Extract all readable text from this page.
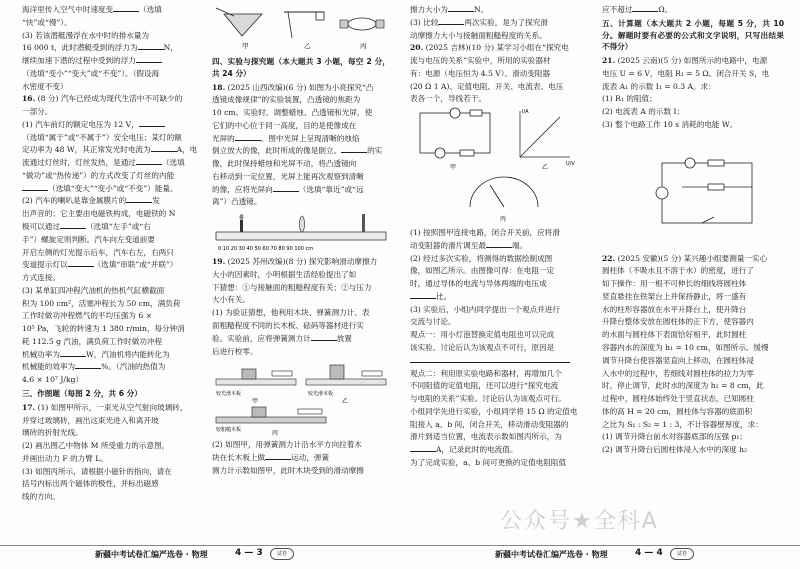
海洋里传入空气中时速度变	（选填

“快”或“慢”）。

(3) 若该潜艇漫浮在水中时的排水量为

16 000 t，此时潜艇受到的浮力为	N，

继续加速下潜的过程中受到的浮力

（选填“变小”“变大”或“不变”）。（假设海

水密度不变）

16. (8 分) 汽车已经成为现代生活中不可缺少的

一部分。

(1) 汽车前灯的额定电压为 12 V，

（选填“属于”或“不属于”）安全电压；某灯的额

定功率为 48 W，其正常发光时电流为	A，电

流通过灯丝时，灯丝发热，是通过	（选填

“做功”或“热传递”）的方式改变了灯丝的内能

（选填“变大”“变小”或“不变”）能量。

(2) 汽车的喇叭是靠金属膜片的	发

出声音的；它主要由电磁铁构成，电磁铁的 N

极可以通过	（选填“左手”或“右

手”）螺旋定则判断。汽车向左变道前要

开启左侧的灯光提示后车，汽车右左，右两只

变道提示灯以	（选填“串联”或“并联”）

方式连接。

(3) 某单缸四冲程汽油机的热机气缸横截面

积为 100 cm²，活塞冲程长为 50 cm，满负荷

工作时做功冲程燃气的平均压强为 6 ×

10⁵ Pa，飞轮的转速为 1 380 r/min，每分钟消

耗 112.5 g 汽油，满负荷工作时做功冲程

机械功率为	W，汽油机将内能转化为

机械能的效率为	%。（汽油的热值为

4.6 × 10⁷ J/kg）

三、作图题（每图 2 分，共 6 分）

17. (1) 如图甲所示，一束光从空气射向玻璃砖，

并穿过玻璃砖，画出这束光进入和离开玻

璃砖的折射光线。

(2) 画出图乙中物体 M 所受重力的示意图，

并画出动力 F 的力臂 L。

(3) 如图丙所示，请根据小磁针的指向，请在

括号内标出两个磁体的极性，并标出磁感

线的方向。

甲	乙	丙

四、实验与探究题（本大题共 3 小题，每空 2 分，共 24 分）

18. (2025 山西改编)(6 分) 如图为小亮探究“凸

透镜成像规律”的实验装置，凸透镜的焦距为

10 cm。实验时，调整蜡烛、凸透镜和光屏，使

它们的中心位于同一高度，目的是使像成在

光屏的	。图中光屏上呈现清晰的烛焰

倒立放大的像，此时所成的像是倒立、	的实

像，此时保持蜡烛和光屏不动，将凸透镜向

右移动到一定位置，光屏上能再次观察到清晰

的像，应将光屏向	（选填“靠近”或“远

离”）凸透镜。

0 10 20 30 40 50 60 70 80 90 100 cm

19. (2025 苏州改编)(8 分) 探究影响滑动摩擦力

大小的因素时，小明根据生活经验提出了如

下猜想：①与接触面的粗糙程度有关；②与压力

大小有关。

(1) 为验证猜想，他利用木块、弹簧测力计、表

面粗糙程度不同的长木板、砝码等器材进行实

验。实验前，应将弹簧测力计	放置

后进行校零。

较光滑木板	较光滑木板
甲	乙
较粗糙木板	丙

(2) 如图甲，用弹簧测力计沿水平方向拉着木

块在长木板上做	运动，弹簧

测力计示数如图甲，此时木块受到的滑动摩擦

新疆中考试卷汇编严选卷 · 物理	4 — 3	试卷

擦力大小为	N。

(3) 比较	两次实验，是为了探究滑

动摩擦力大小与接触面粗糙程度的关系。

20. (2025 吉林)(10 分) 某学习小组在“探究电

流与电压的关系”实验中，所用的实验器材

有：电源（电压恒为 4.5 V）、滑动变阻器

(20 Ω 1 A)、定值电阻、开关、电流表、电压

表各一个，导线若干。

甲
I/A
U/V
乙
丙

(1) 按照图甲连接电路，闭合开关前，应将滑

动变阻器的滑片调至最	端。

(2) 经过多次实验，将测得的数据绘制成图

像，如图乙所示。由图像可得：在电阻一定

时，通过导体的电流与导体两端的电压成

比。

(3) 实验后，小组内同学提出一个观点并进行

交流与讨论。

观点一：用小灯泡替换定值电阻也可以完成

该实验。讨论后认为该观点不可行，原因是

观点二：利用原实验电路和器材，再增加几个

不同阻值的定值电阻，还可以进行“探究电流

与电阻的关系”实验。讨论后认为该观点可行。

小组同学先进行实验，小组同学将 15 Ω 的定值电

阻接入 a、b 间，闭合开关，移动滑动变阻器的

滑片到适当位置，电流表示数如图丙所示，为

A，记录此时的电流值。

为了完成实验，a、b 间可更换的定值电阻阻值

应不超过	Ω。

五、计算题（本大题共 2 小题，每题 5 分，共 10 分。解题时要有必要的公式和文字说明，只写出结果不得分）

21. (2025 云南)(5 分) 如图所示的电路中，电源

电压 U = 6 V，电阻 R₁ = 5 Ω。闭合开关 S，电

流表 A₁ 的示数 I₁ = 0.3 A。求：

(1) R₁ 的阻值；

(2) 电流表 A 的示数 I；

(3) 整个电路工作 10 s 消耗的电能 W。

22. (2025 安徽)(5 分) 某兴趣小组要测量一实心

圆柱体（不吸水且不溶于水）的密度，进行了

如下操作：用一根不可伸长的细线将圆柱体

竖直悬挂在铁架台上并保持静止，将一盛有

水的柱形容器放在水平升降台上，使升降台

升降台整体安放在圆柱体的正下方，使容器内

的水面与圆柱体下表面恰好相平，此时圆柱

容器内水的深度为 h₁ = 10 cm，如图所示。缓慢

调节升降台使容器竖直向上移动，在圆柱体浸

入水中的过程中，若细线对圆柱体的拉力为零

时，停止调节，此时水的深度为 h₂ = 8 cm，此

过程中，圆柱体始终处于竖直状态，已知圆柱

体的高 H = 20 cm，圆柱体与容器的底面积

之比为 S₁ : S₂ = 1 : 3，不计容器壁厚度，求：

(1) 调节升降台前水对容器底部的压强 p₁；

(2) 调节升降台后圆柱体浸入水中的深度 h₂

新疆中考试卷汇编严选卷 · 物理	4 — 4	试卷
公众号★全科A
